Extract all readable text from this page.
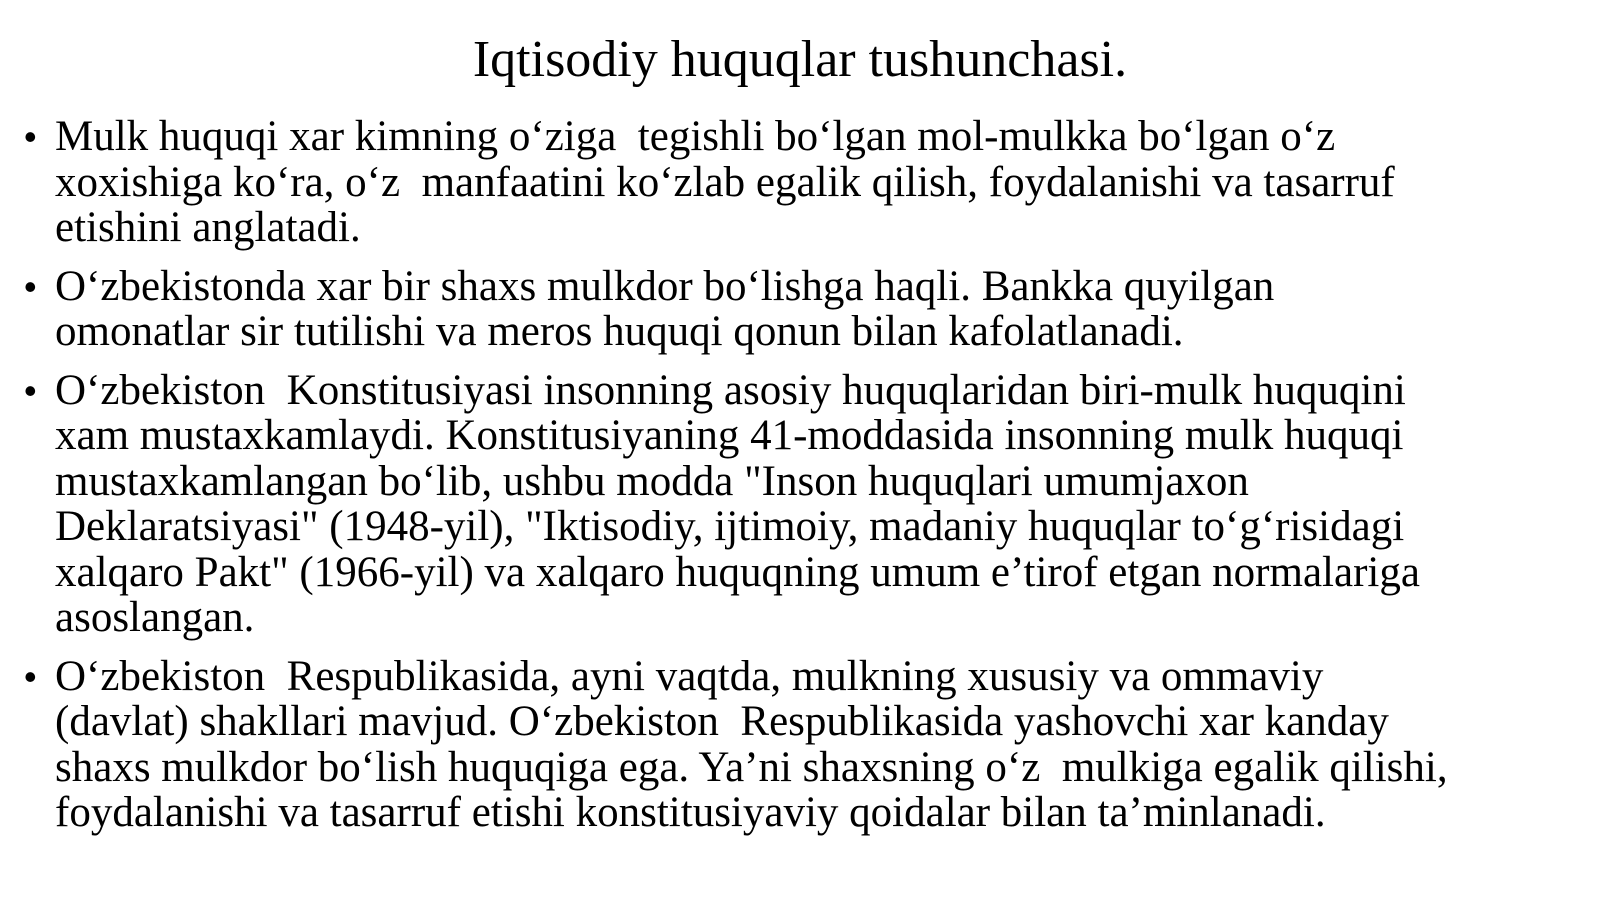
Iqtisodiy huquqlar tushunchasi.
• Mulk huquqi xar kimning o‘ziga  tegishli bo‘lgan mol-mulkka bo‘lgan o‘z
xoxishiga ko‘ra, o‘z  manfaatini ko‘zlab egalik qilish, foydalanishi va tasarruf
etishini anglatadi.
• O‘zbekistonda xar bir shaxs mulkdor bo‘lishga haqli. Bankka quyilgan
omonatlar sir tutilishi va meros huquqi qonun bilan kafolatlanadi.
• O‘zbekiston  Konstitusiyasi insonning asosiy huquqlaridan biri-mulk huquqini
xam mustaxkamlaydi. Konstitusiyaning 41-moddasida insonning mulk huquqi
mustaxkamlangan bo‘lib, ushbu modda "Inson huquqlari umumjaxon
Deklaratsiyasi" (1948-yil), "Iktisodiy, ijtimoiy, madaniy huquqlar to‘g‘risidagi
xalqaro Pakt" (1966-yil) va xalqaro huquqning umum e’tirof etgan normalariga
asoslangan.
• O‘zbekiston  Respublikasida, ayni vaqtda, mulkning xususiy va ommaviy
(davlat) shakllari mavjud. O‘zbekiston  Respublikasida yashovchi xar kanday
shaxs mulkdor bo‘lish huquqiga ega. Ya’ni shaxsning o‘z  mulkiga egalik qilishi,
foydalanishi va tasarruf etishi konstitusiyaviy qoidalar bilan ta’minlanadi.
